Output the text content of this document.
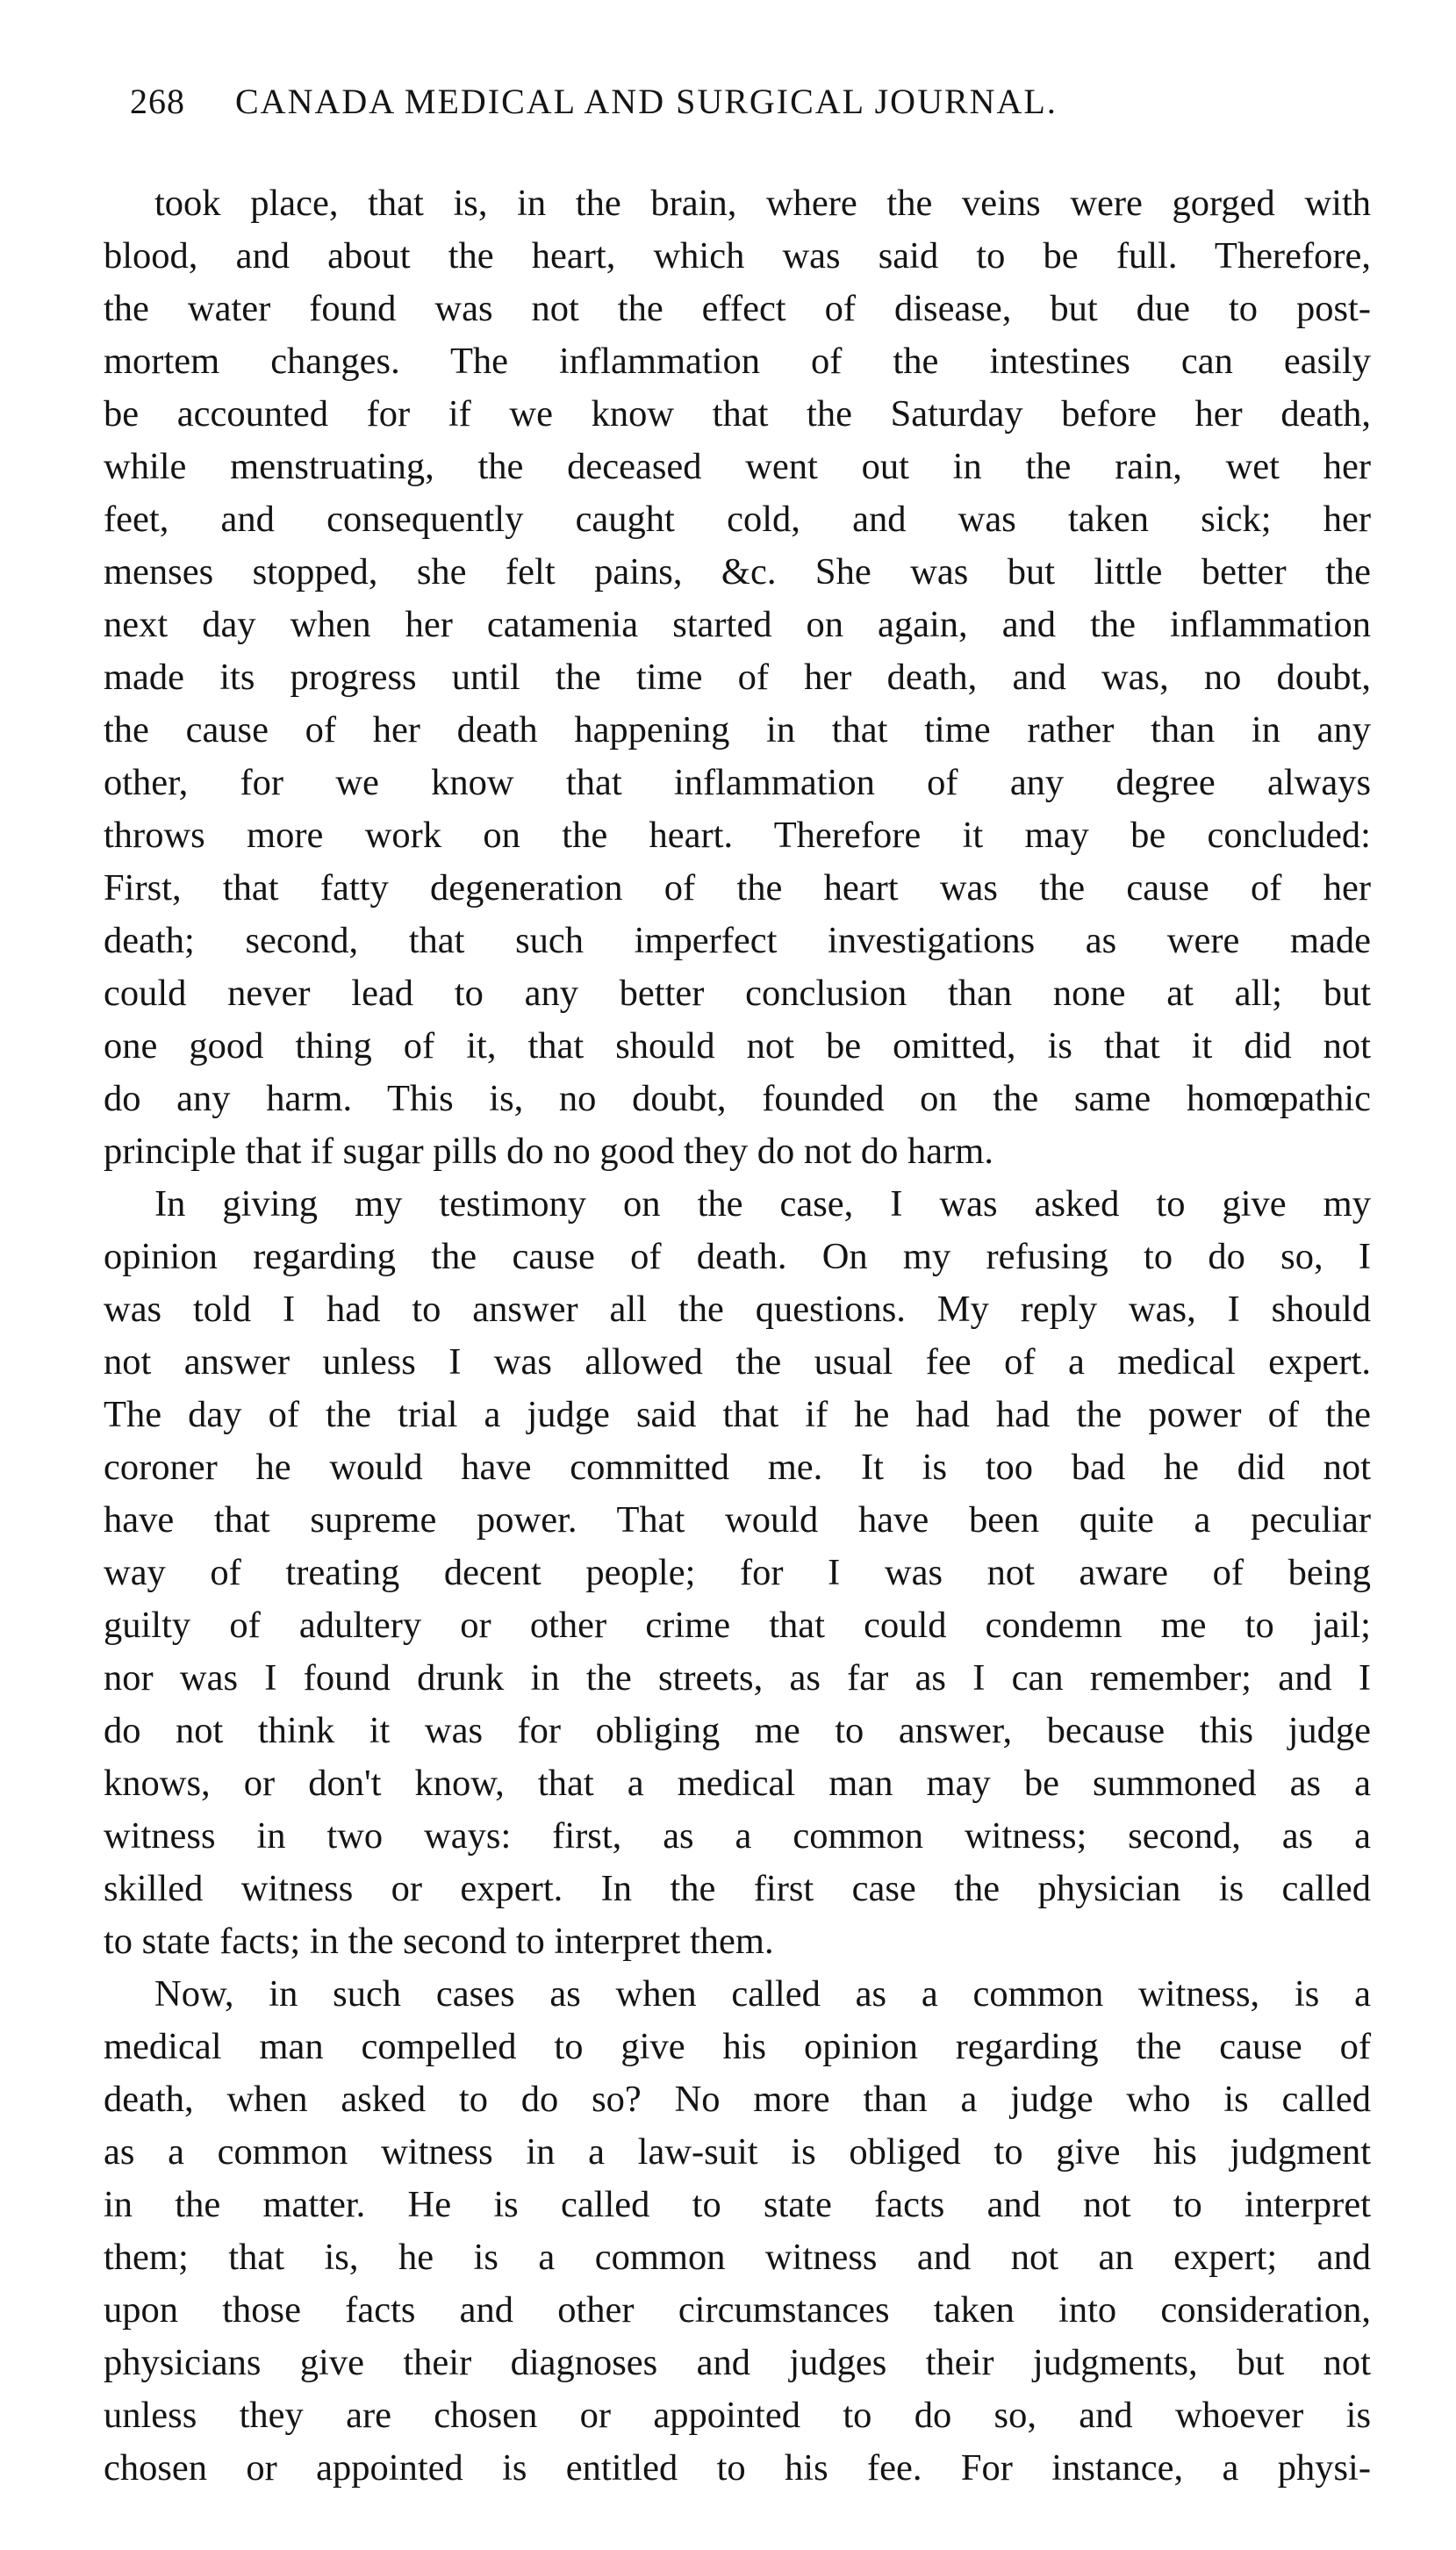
268 CANADA MEDICAL AND SURGICAL JOURNAL.
took place, that is, in the brain, where the veins were gorged with
blood, and about the heart, which was said to be full. Therefore,
the water found was not the effect of disease, but due to post-
mortem changes. The inflammation of the intestines can easily
be accounted for if we know that the Saturday before her death,
while menstruating, the deceased went out in the rain, wet her
feet, and consequently caught cold, and was taken sick; her
menses stopped, she felt pains, &c. She was but little better the
next day when her catamenia started on again, and the inflammation
made its progress until the time of her death, and was, no doubt,
the cause of her death happening in that time rather than in any
other, for we know that inflammation of any degree always
throws more work on the heart. Therefore it may be concluded:
First, that fatty degeneration of the heart was the cause of her
death; second, that such imperfect investigations as were made
could never lead to any better conclusion than none at all; but
one good thing of it, that should not be omitted, is that it did not
do any harm. This is, no doubt, founded on the same homœpathic
principle that if sugar pills do no good they do not do harm.
In giving my testimony on the case, I was asked to give my
opinion regarding the cause of death. On my refusing to do so, I
was told I had to answer all the questions. My reply was, I should
not answer unless I was allowed the usual fee of a medical expert.
The day of the trial a judge said that if he had had the power of the
coroner he would have committed me. It is too bad he did not
have that supreme power. That would have been quite a peculiar
way of treating decent people; for I was not aware of being
guilty of adultery or other crime that could condemn me to jail;
nor was I found drunk in the streets, as far as I can remember; and I
do not think it was for obliging me to answer, because this judge
knows, or don't know, that a medical man may be summoned as a
witness in two ways: first, as a common witness; second, as a
skilled witness or expert. In the first case the physician is called
to state facts; in the second to interpret them.
Now, in such cases as when called as a common witness, is a
medical man compelled to give his opinion regarding the cause of
death, when asked to do so? No more than a judge who is called
as a common witness in a law-suit is obliged to give his judgment
in the matter. He is called to state facts and not to interpret
them; that is, he is a common witness and not an expert; and
upon those facts and other circumstances taken into consideration,
physicians give their diagnoses and judges their judgments, but not
unless they are chosen or appointed to do so, and whoever is
chosen or appointed is entitled to his fee. For instance, a physi-
